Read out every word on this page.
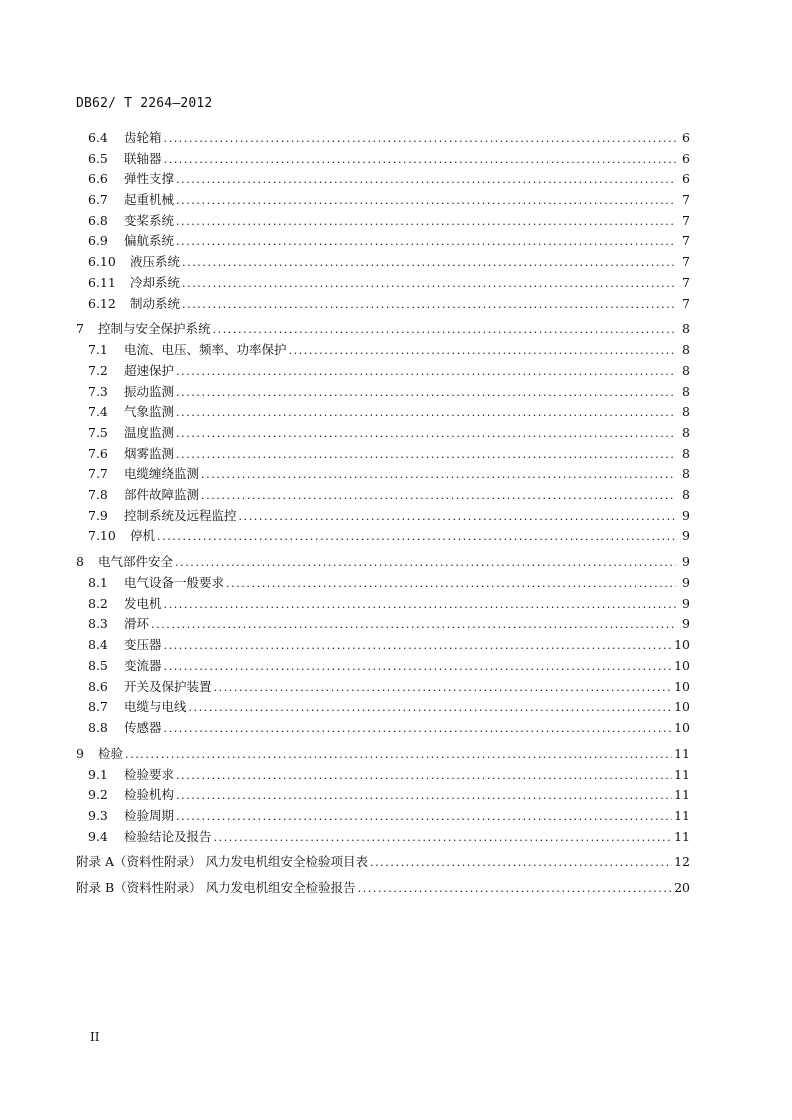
DB62/ T 2264—2012
6.4	齿轮箱 .....	6
6.5	联轴器 .....	6
6.6	弹性支撑 .....	6
6.7	起重机械 .....	7
6.8	变桨系统 .....	7
6.9	偏航系统 .....	7
6.10	液压系统 .....	7
6.11	冷却系统 .....	7
6.12	制动系统 .....	7
7	控制与安全保护系统 .....	8
7.1	电流、电压、频率、功率保护 .....	8
7.2	超速保护 .....	8
7.3	振动监测 .....	8
7.4	气象监测 .....	8
7.5	温度监测 .....	8
7.6	烟雾监测 .....	8
7.7	电缆缠绕监测 .....	8
7.8	部件故障监测 .....	8
7.9	控制系统及远程监控 .....	9
7.10	停机 .....	9
8	电气部件安全 .....	9
8.1	电气设备一般要求 .....	9
8.2	发电机 .....	9
8.3	滑环 .....	9
8.4	变压器 .....	10
8.5	变流器 .....	10
8.6	开关及保护装置 .....	10
8.7	电缆与电线 .....	10
8.8	传感器 .....	10
9	检验 .....	11
9.1	检验要求 .....	11
9.2	检验机构 .....	11
9.3	检验周期 .....	11
9.4	检验结论及报告 .....	11
附录 A（资料性附录） 风力发电机组安全检验项目表 .....	12
附录 B（资料性附录） 风力发电机组安全检验报告 .....	20
II
